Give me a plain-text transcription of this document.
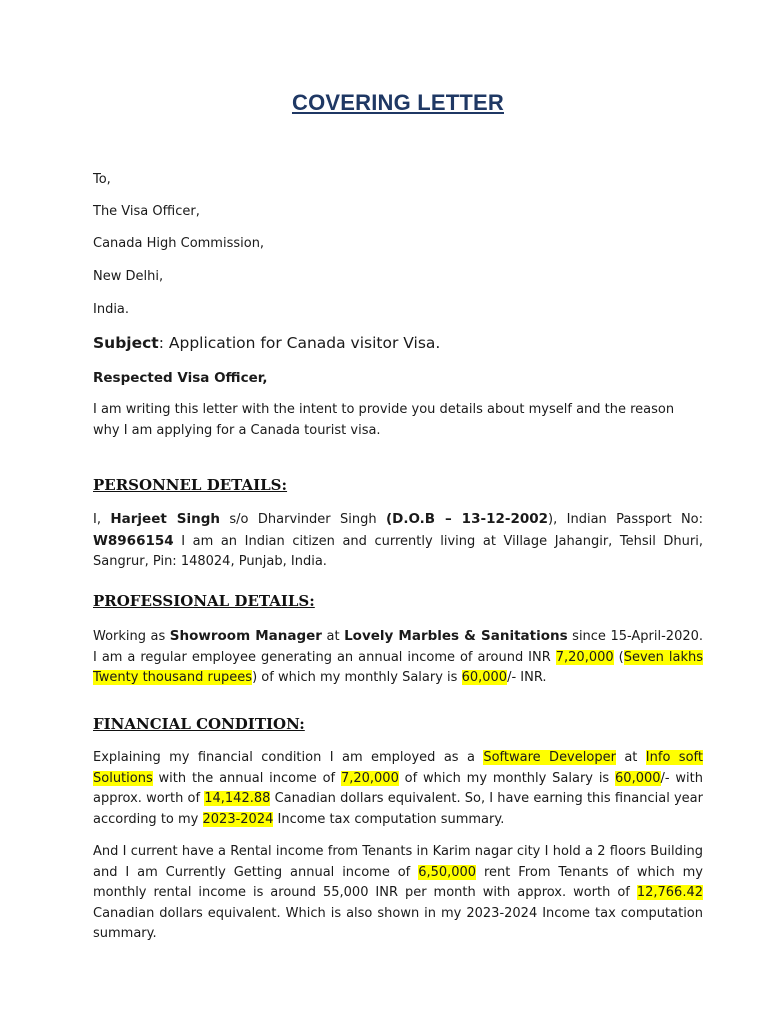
COVERING LETTER
To,
The Visa Officer,
Canada High Commission,
New Delhi,
India.
Subject: Application for Canada visitor Visa.
Respected Visa Officer,
I am writing this letter with the intent to provide you details about myself and the reason why I am applying for a Canada tourist visa.
PERSONNEL DETAILS:
I, Harjeet Singh s/o Dharvinder Singh (D.O.B – 13-12-2002), Indian Passport No: W8966154 I am an Indian citizen and currently living at Village Jahangir, Tehsil Dhuri, Sangrur, Pin: 148024, Punjab, India.
PROFESSIONAL DETAILS:
Working as Showroom Manager at Lovely Marbles & Sanitations since 15-April-2020. I am a regular employee generating an annual income of around INR 7,20,000 (Seven lakhs Twenty thousand rupees) of which my monthly Salary is 60,000/- INR.
FINANCIAL CONDITION:
Explaining my financial condition I am employed as a Software Developer at Info soft Solutions with the annual income of 7,20,000 of which my monthly Salary is 60,000/- with approx. worth of 14,142.88 Canadian dollars equivalent. So, I have earning this financial year according to my 2023-2024 Income tax computation summary.
And I current have a Rental income from Tenants in Karim nagar city I hold a 2 floors Building and I am Currently Getting annual income of 6,50,000 rent From Tenants of which my monthly rental income is around 55,000 INR per month with approx. worth of 12,766.42 Canadian dollars equivalent. Which is also shown in my 2023-2024 Income tax computation summary.
